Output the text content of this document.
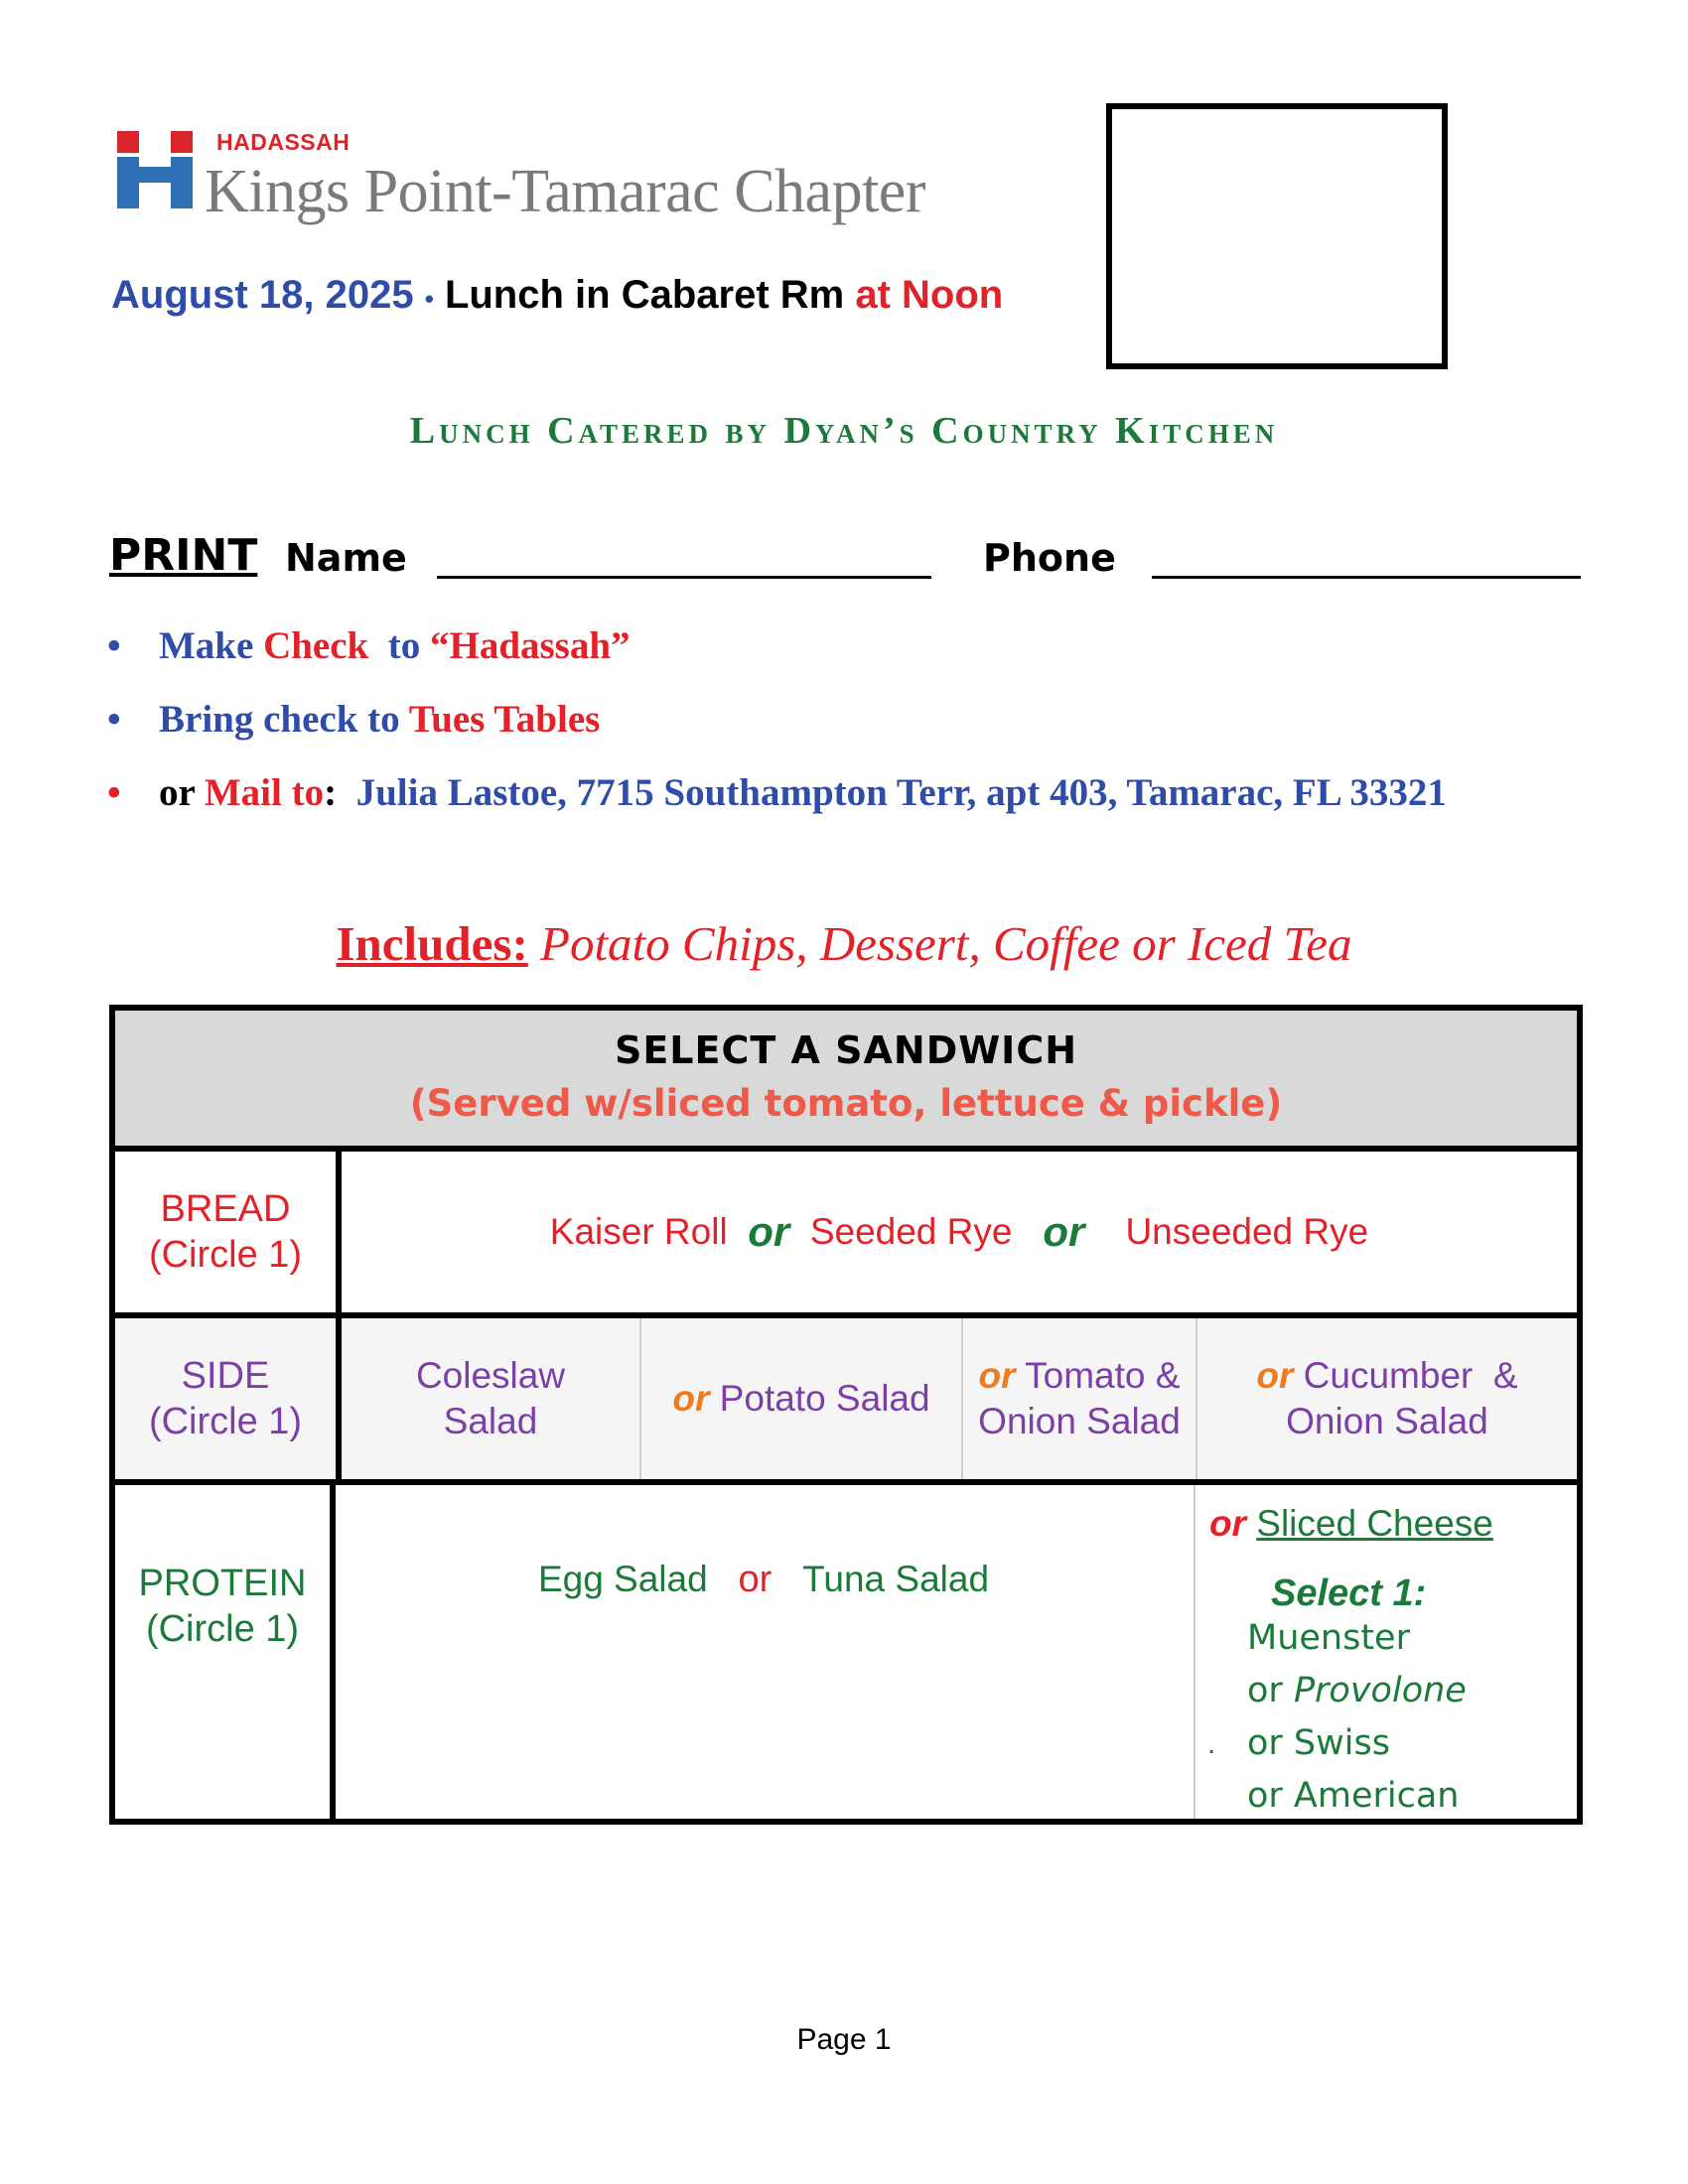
HADASSAH
Kings Point-Tamarac Chapter
August 18, 2025 • Lunch in Cabaret Rm at Noon
Lunch Catered by Dyan’s Country Kitchen
PRINT Name	Phone
• Make Check  to “Hadassah”
• Bring check to Tues Tables
• or Mail to:  Julia Lastoe, 7715 Southampton Terr, apt 403, Tamarac, FL 33321
Includes: Potato Chips, Dessert, Coffee or Iced Tea
SELECT A SANDWICH
(Served w/sliced tomato, lettuce & pickle)
BREAD
(Circle 1)
Kaiser Roll
or
Seeded Rye
or
Unseeded Rye
SIDE
(Circle 1)
Coleslaw
Salad
or Potato Salad
or Tomato &
Onion Salad
or Cucumber  &
Onion Salad
PROTEIN
(Circle 1)
Egg Salad
or
Tuna Salad
or Sliced Cheese
Select 1:
Muenster
or Provolone
. or Swiss
or American
Page 1
